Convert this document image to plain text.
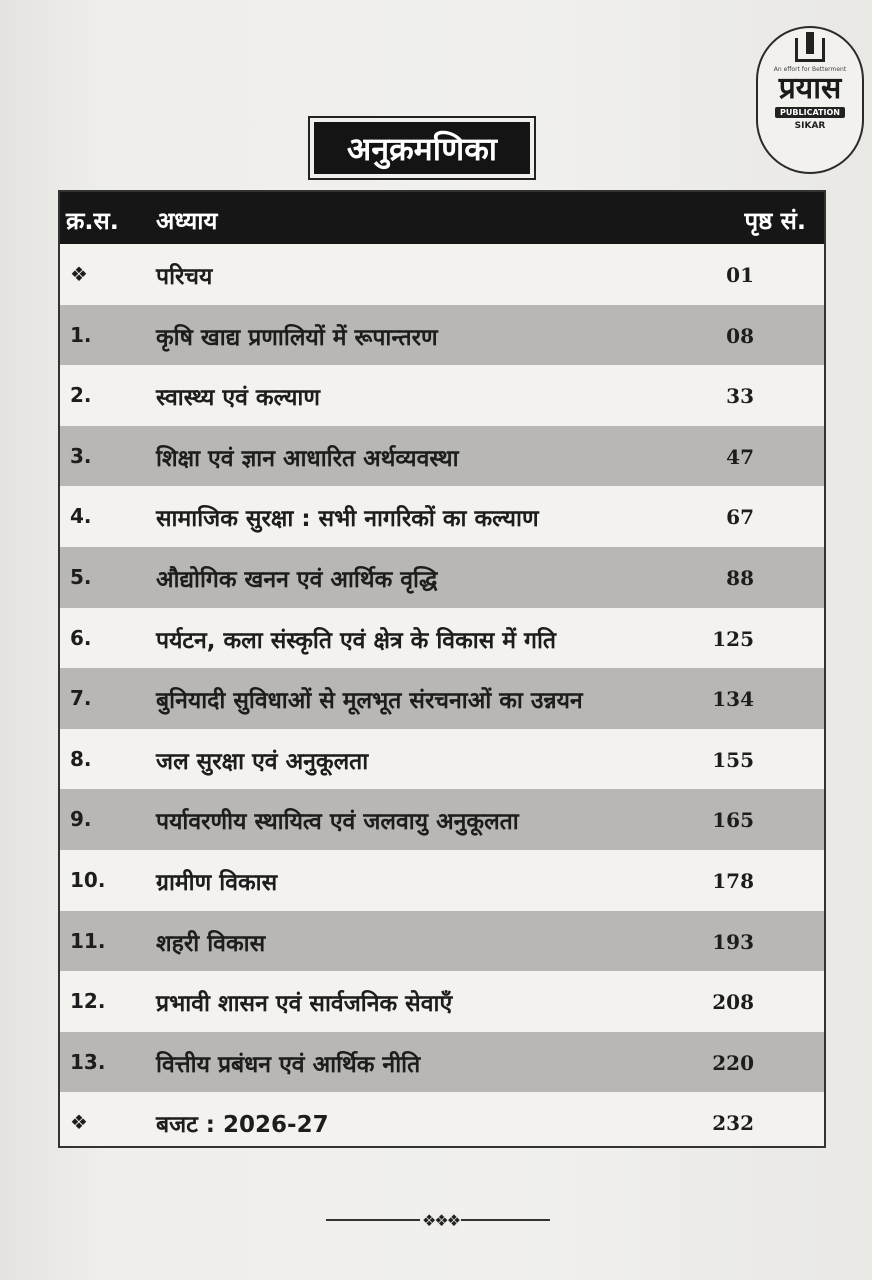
An effort for Betterment
प्रयास
PUBLICATION
SIKAR
अनुक्रमणिका
क्र.स. अध्याय	पृष्ठ सं.
❖	परिचय	01
1.	कृषि खाद्य प्रणालियों में रूपान्तरण	08
2.	स्वास्थ्य एवं कल्याण	33
3.	शिक्षा एवं ज्ञान आधारित अर्थव्यवस्था	47
4.	सामाजिक सुरक्षा : सभी नागरिकों का कल्याण	67
5.	औद्योगिक खनन एवं आर्थिक वृद्धि	88
6.	पर्यटन, कला संस्कृति एवं क्षेत्र के विकास में गति	125
7.	बुनियादी सुविधाओं से मूलभूत संरचनाओं का उन्नयन	134
8.	जल सुरक्षा एवं अनुकूलता	155
9.	पर्यावरणीय स्थायित्व एवं जलवायु अनुकूलता	165
10. ग्रामीण विकास	178
11. शहरी विकास	193
12. प्रभावी शासन एवं सार्वजनिक सेवाएँ	208
13. वित्तीय प्रबंधन एवं आर्थिक नीति	220
❖	बजट : 2026-27	232
❖❖❖
